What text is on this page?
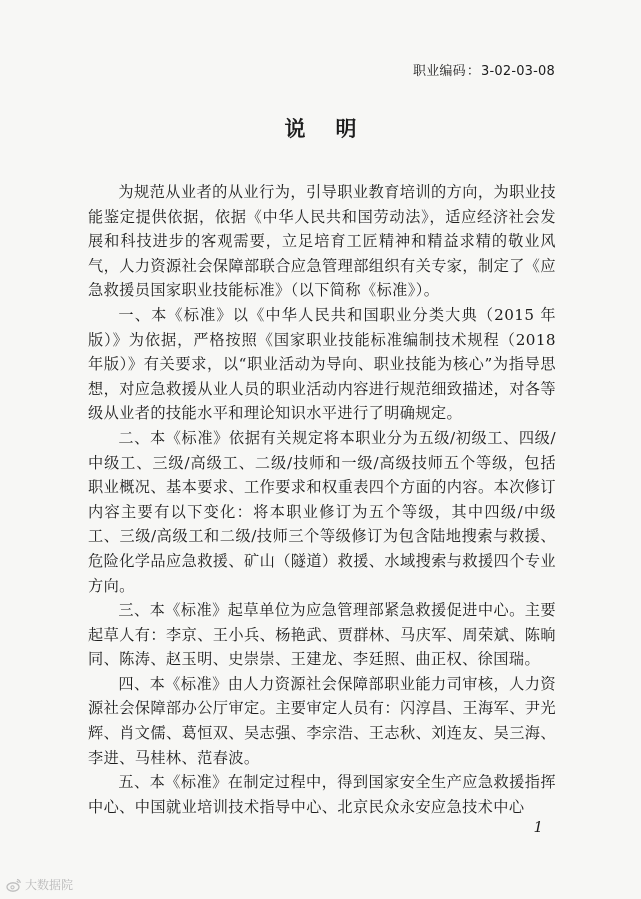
职业编码：3-02-03-08
说明

为规范从业者的从业行为，引导职业教育培训的方向，为职业技能鉴定提供依据，依据《中华人民共和国劳动法》，适应经济社会发展和科技进步的客观需要，立足培育工匠精神和精益求精的敬业风气，人力资源社会保障部联合应急管理部组织有关专家，制定了《应急救援员国家职业技能标准》（以下简称《标准》）。

一、本《标准》以《中华人民共和国职业分类大典（2015 年版）》为依据，严格按照《国家职业技能标准编制技术规程（2018 年版）》有关要求，以“职业活动为导向、职业技能为核心”为指导思想，对应急救援从业人员的职业活动内容进行规范细致描述，对各等级从业者的技能水平和理论知识水平进行了明确规定。

二、本《标准》依据有关规定将本职业分为五级/初级工、四级/中级工、三级/高级工、二级/技师和一级/高级技师五个等级，包括职业概况、基本要求、工作要求和权重表四个方面的内容。本次修订内容主要有以下变化：将本职业修订为五个等级，其中四级/中级工、三级/高级工和二级/技师三个等级修订为包含陆地搜索与救援、危险化学品应急救援、矿山（隧道）救援、水域搜索与救援四个专业方向。

三、本《标准》起草单位为应急管理部紧急救援促进中心。主要起草人有：李京、王小兵、杨艳武、贾群林、马庆军、周荣斌、陈晌同、陈涛、赵玉明、史崇崇、王建龙、李廷照、曲正权、徐国瑞。

四、本《标准》由人力资源社会保障部职业能力司审核，人力资源社会保障部办公厅审定。主要审定人员有：闪淳昌、王海军、尹光辉、肖文儒、葛恒双、吴志强、李宗浩、王志秋、刘连友、吴三海、李进、马桂林、范春波。

五、本《标准》在制定过程中，得到国家安全生产应急救援指挥中心、中国就业培训技术指导中心、北京民众永安应急技术中心

1
大数据院
